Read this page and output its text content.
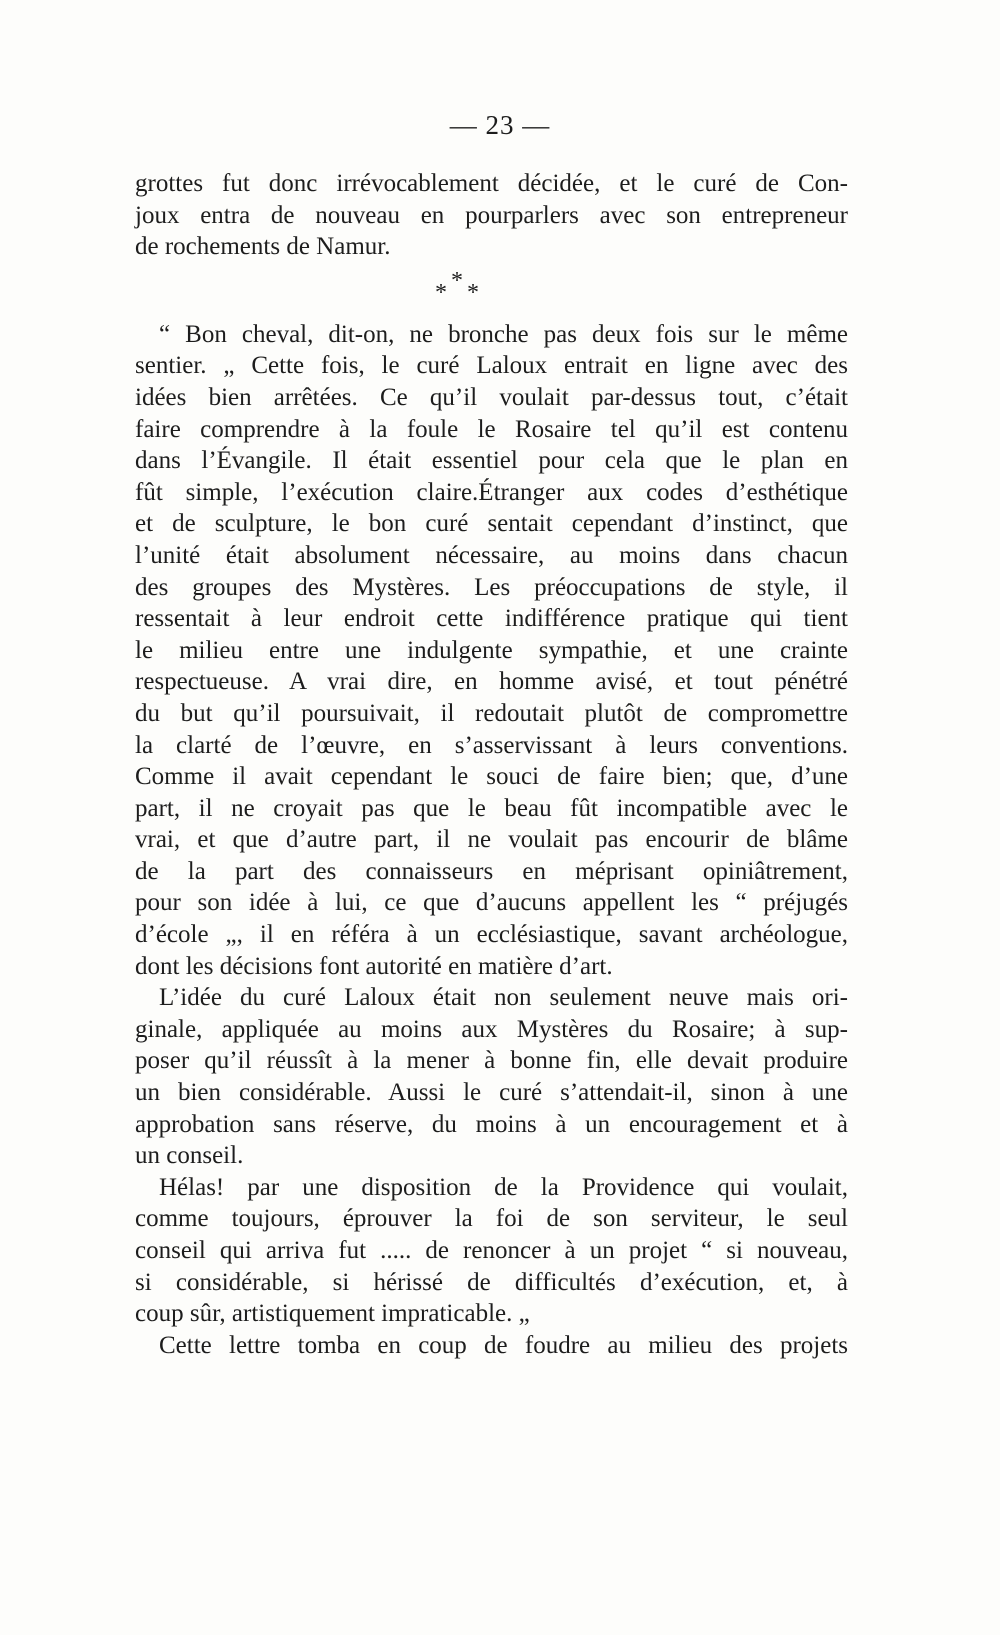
— 23 —
grottes fut donc irrévocablement décidée, et le curé de Con-
joux entra de nouveau en pourparlers avec son entrepreneur
de rochements de Namur.
*
* *
“ Bon cheval, dit-on, ne bronche pas deux fois sur le même
sentier. „ Cette fois, le curé Laloux entrait en ligne avec des
idées bien arrêtées. Ce qu’il voulait par-dessus tout, c’était
faire comprendre à la foule le Rosaire tel qu’il est contenu
dans l’Évangile. Il était essentiel pour cela que le plan en
fût simple, l’exécution claire.Étranger aux codes d’esthétique
et de sculpture, le bon curé sentait cependant d’instinct, que
l’unité était absolument nécessaire, au moins dans chacun
des groupes des Mystères. Les préoccupations de style, il
ressentait à leur endroit cette indifférence pratique qui tient
le milieu entre une indulgente sympathie, et une crainte
respectueuse. A vrai dire, en homme avisé, et tout pénétré
du but qu’il poursuivait, il redoutait plutôt de compromettre
la clarté de l’œuvre, en s’asservissant à leurs conventions.
Comme il avait cependant le souci de faire bien; que, d’une
part, il ne croyait pas que le beau fût incompatible avec le
vrai, et que d’autre part, il ne voulait pas encourir de blâme
de la part des connaisseurs en méprisant opiniâtrement,
pour son idée à lui, ce que d’aucuns appellent les “ préjugés
d’école „, il en référa à un ecclésiastique, savant archéologue,
dont les décisions font autorité en matière d’art.
L’idée du curé Laloux était non seulement neuve mais ori-
ginale, appliquée au moins aux Mystères du Rosaire; à sup-
poser qu’il réussît à la mener à bonne fin, elle devait produire
un bien considérable. Aussi le curé s’attendait-il, sinon à une
approbation sans réserve, du moins à un encouragement et à
un conseil.
Hélas! par une disposition de la Providence qui voulait,
comme toujours, éprouver la foi de son serviteur, le seul
conseil qui arriva fut ..... de renoncer à un projet “ si nouveau,
si considérable, si hérissé de difficultés d’exécution, et, à
coup sûr, artistiquement impraticable. „
Cette lettre tomba en coup de foudre au milieu des projets
